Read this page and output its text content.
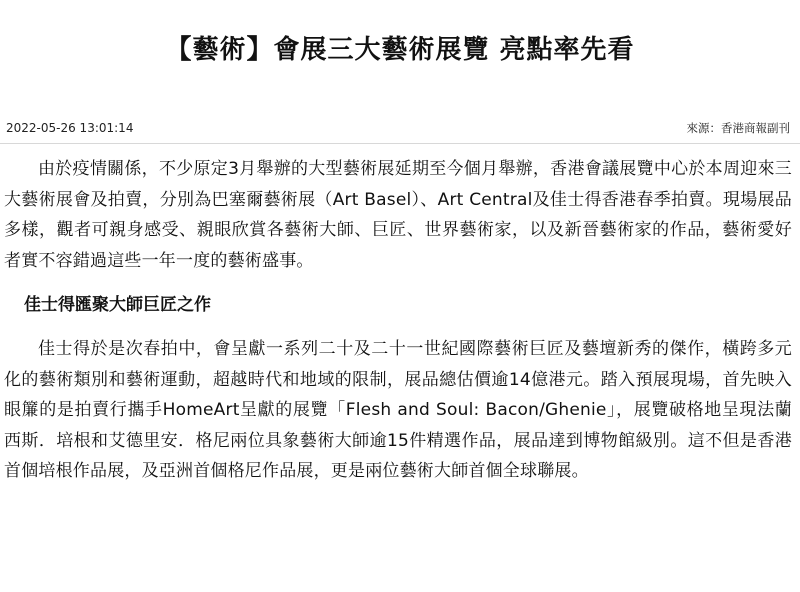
【藝術】會展三大藝術展覽 亮點率先看
2022-05-26 13:01:14	來源：香港商報副刊

由於疫情關係，不少原定3月舉辦的大型藝術展延期至今個月舉辦，香港會議展覽中心於本周迎來三大藝術展會及拍賣，分別為巴塞爾藝術展（Art Basel）、Art Central及佳士得香港春季拍賣。現場展品多樣，觀者可親身感受、親眼欣賞各藝術大師、巨匠、世界藝術家，以及新晉藝術家的作品，藝術愛好者實不容錯過這些一年一度的藝術盛事。

佳士得匯聚大師巨匠之作

佳士得於是次春拍中，會呈獻一系列二十及二十一世紀國際藝術巨匠及藝壇新秀的傑作，橫跨多元化的藝術類別和藝術運動，超越時代和地域的限制，展品總估價逾14億港元。踏入預展現場，首先映入眼簾的是拍賣行攜手HomeArt呈獻的展覽「Flesh and Soul: Bacon/Ghenie」，展覽破格地呈現法蘭西斯．培根和艾德里安．格尼兩位具象藝術大師逾15件精選作品，展品達到博物館級別。這不但是香港首個培根作品展，及亞洲首個格尼作品展，更是兩位藝術大師首個全球聯展。
